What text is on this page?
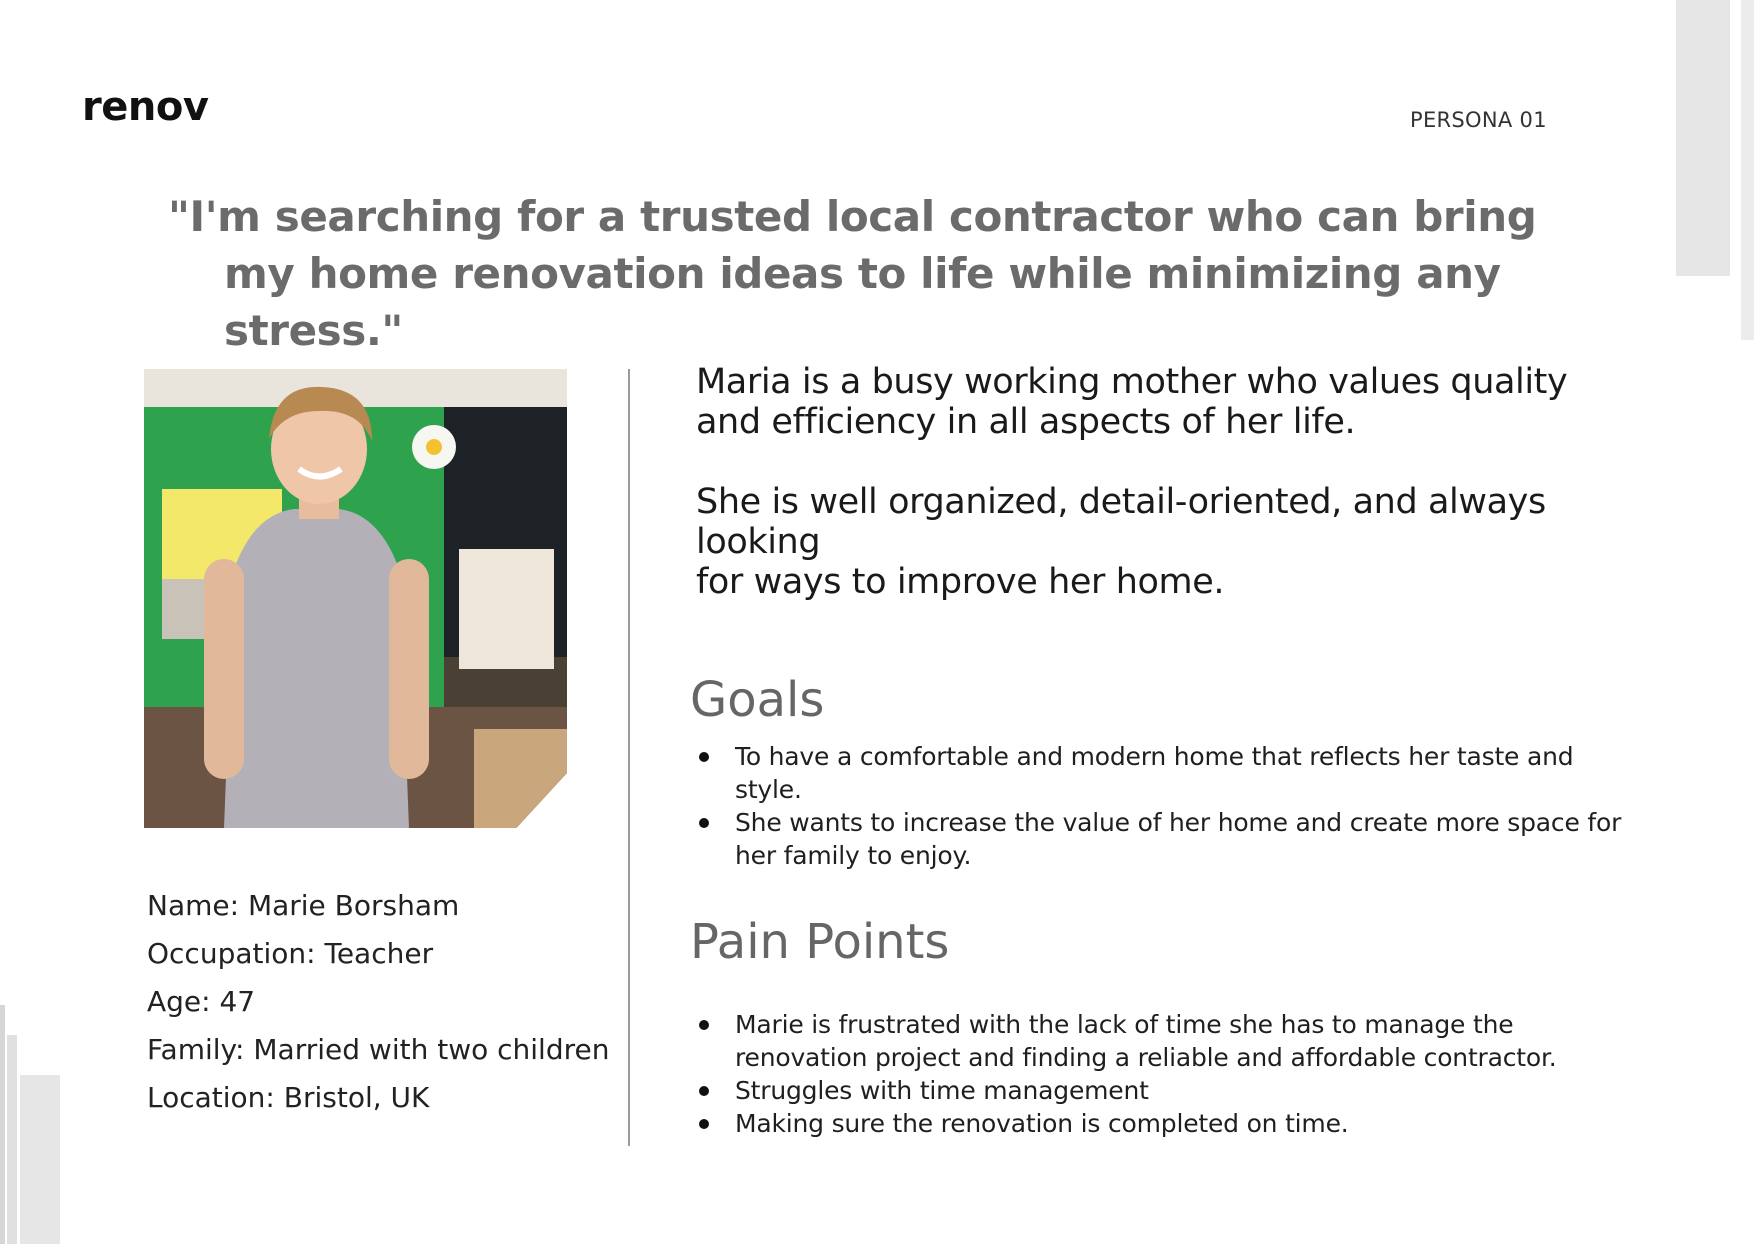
renov	PERSONA 01
"I'm searching for a trusted local contractor who can bring
my home renovation ideas to life while minimizing any stress."
Name: Marie Borsham
Occupation: Teacher
Age: 47
Family: Married with two children
Location: Bristol, UK

Maria is a busy working mother who values quality
and efficiency in all aspects of her life.

She is well organized, detail-oriented, and always looking
for ways to improve her home.

Goals
To have a comfortable and modern home that reflects her taste and style.
She wants to increase the value of her home and create more space for her family to enjoy.
Pain Points
Marie is frustrated with the lack of time she has to manage the renovation project and finding a reliable and affordable contractor.
Struggles with time management
Making sure the renovation is completed on time.
